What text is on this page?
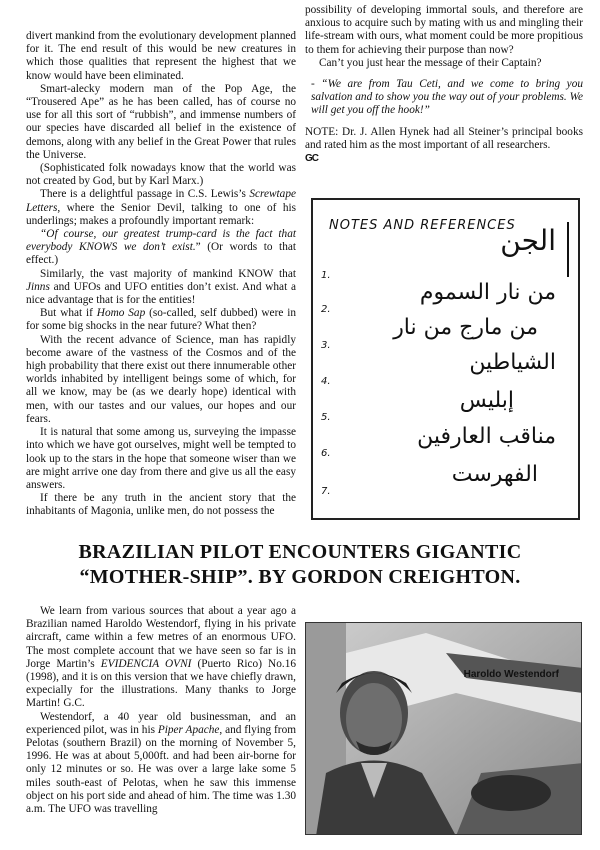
divert mankind from the evolutionary development planned for it. The end result of this would be new creatures in which those qualities that represent the highest that we know would have been eliminated.

Smart-alecky modern man of the Pop Age, the “Trousered Ape” as he has been called, has of course no use for all this sort of “rubbish”, and immense numbers of our species have discarded all belief in the existence of demons, along with any belief in the Great Power that rules the Universe.

(Sophisticated folk nowadays know that the world was not created by God, but by Karl Marx.)

There is a delightful passage in C.S. Lewis’s Screwtape Letters, where the Senior Devil, talking to one of his underlings; makes a profoundly important remark:

“Of course, our greatest trump-card is the fact that everybody KNOWS we don’t exist.” (Or words to that effect.)

Similarly, the vast majority of mankind KNOW that Jinns and UFOs and UFO entities don’t exist. And what a nice advantage that is for the entities!

But what if Homo Sap (so-called, self dubbed) were in for some big shocks in the near future? What then?

With the recent advance of Science, man has rapidly become aware of the vastness of the Cosmos and of the high probability that there exist out there innumerable other worlds inhabited by intelligent beings some of which, for all we know, may be (as we dearly hope) identical with men, with our tastes and our values, our hopes and our fears.

It is natural that some among us, surveying the impasse into which we have got ourselves, might well be tempted to look up to the stars in the hope that someone wiser than we are might arrive one day from there and give us all the easy answers.

If there be any truth in the ancient story that the inhabitants of Magonia, unlike men, do not possess the

possibility of developing immortal souls, and therefore are anxious to acquire such by mating with us and mingling their life-stream with ours, what moment could be more propitious to them for achieving their purpose than now?

Can’t you just hear the message of their Captain?

- “We are from Tau Ceti, and we come to bring you salvation and to show you the way out of your problems. We will get you off the hook!”

NOTE: Dr. J. Allen Hynek had all Steiner’s principal books and rated him as the most important of all researchers.

GC

NOTES AND REFERENCES
1.
الجن
2.
من نار السموم
3.
من مارج من نار
4.
الشياطين
5.
إبليس
6.
مناقب العارفين
7.
الفهرست
BRAZILIAN PILOT ENCOUNTERS GIGANTIC
“MOTHER-SHIP”. BY GORDON CREIGHTON.

We learn from various sources that about a year ago a Brazilian named Haroldo Westendorf, flying in his private aircraft, came within a few metres of an enormous UFO. The most complete account that we have seen so far is in Jorge Martin’s EVIDENCIA OVNI (Puerto Rico) No.16 (1998), and it is on this version that we have chiefly drawn, expecially for the illustrations. Many thanks to Jorge Martin! G.C.

Westendorf, a 40 year old businessman, and an experienced pilot, was in his Piper Apache, and flying from Pelotas (southern Brazil) on the morning of November 5, 1996. He was at about 5,000ft. and had been air-borne for only 12 minutes or so. He was over a large lake some 5 miles south-east of Pelotas, when he saw this immense object on his port side and ahead of him. The time was 1.30 a.m. The UFO was travelling

Haroldo Westendorf
